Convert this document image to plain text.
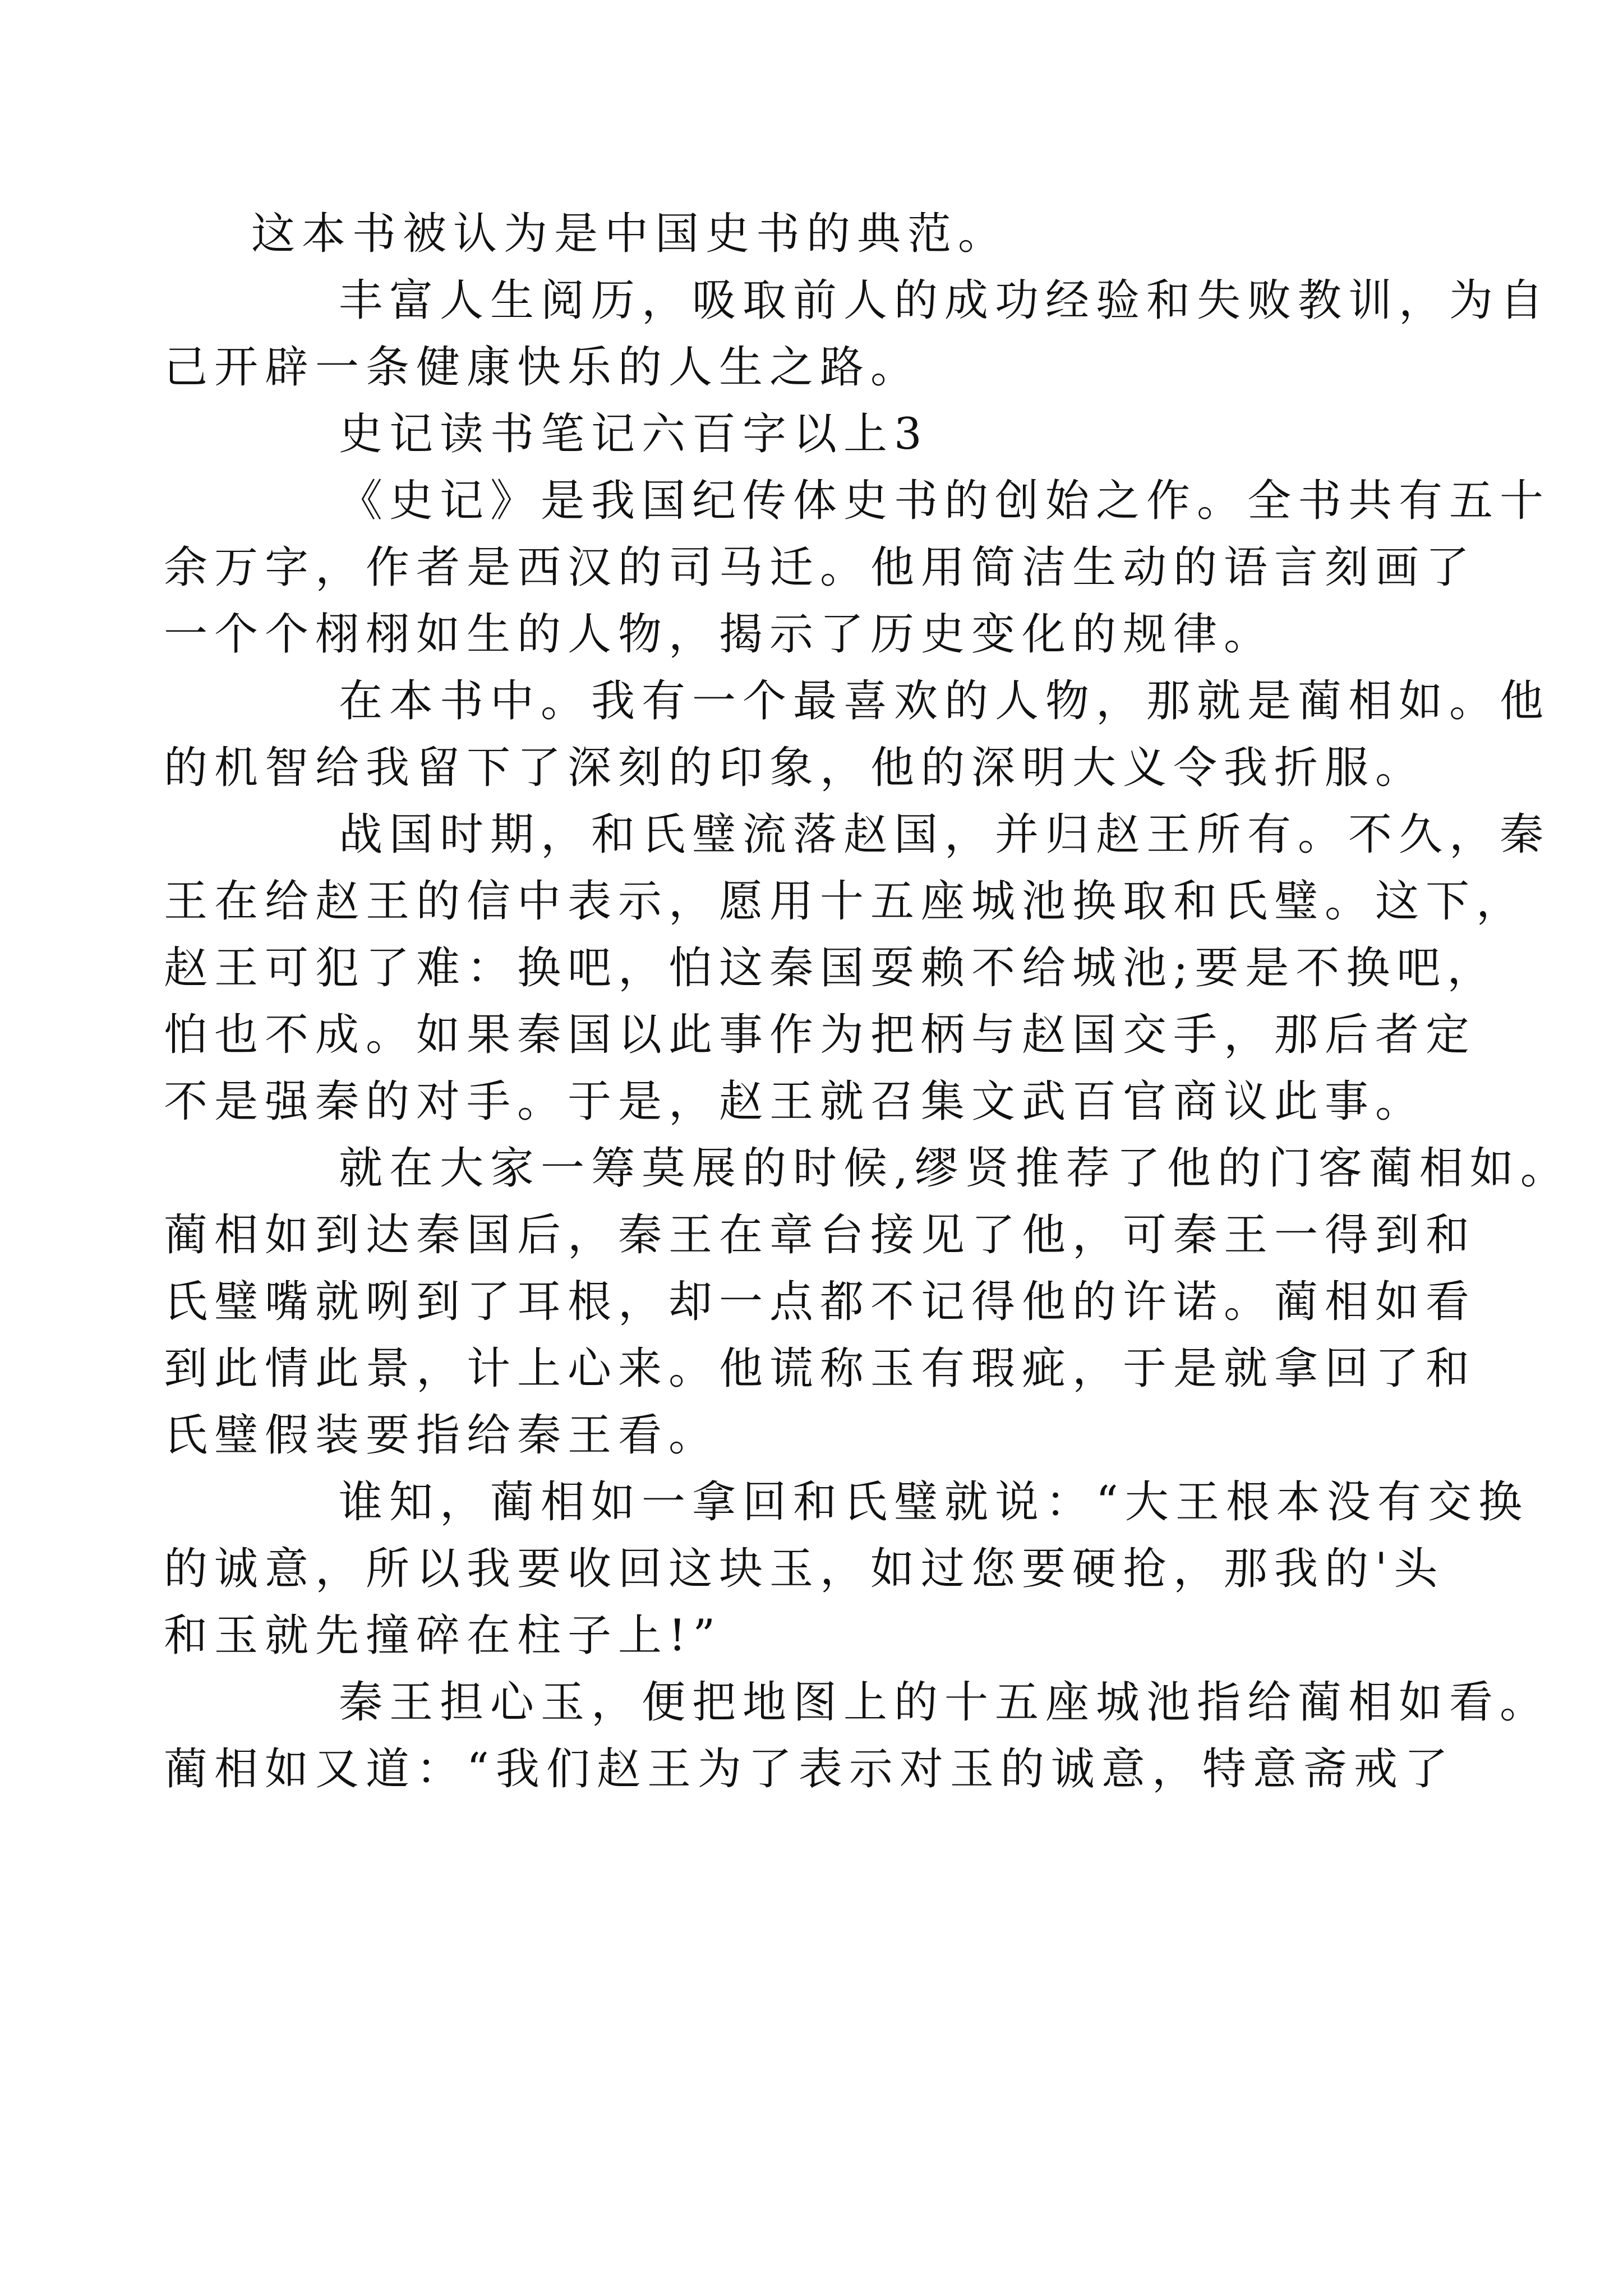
这本书被认为是中国史书的典范。

丰富人生阅历，吸取前人的成功经验和失败教训，为自
己开辟一条健康快乐的人生之路。

史记读书笔记六百字以上3

《史记》是我国纪传体史书的创始之作。全书共有五十
余万字，作者是西汉的司马迁。他用简洁生动的语言刻画了
一个个栩栩如生的人物，揭示了历史变化的规律。

在本书中。我有一个最喜欢的人物，那就是蔺相如。他
的机智给我留下了深刻的印象，他的深明大义令我折服。

战国时期，和氏璧流落赵国，并归赵王所有。不久，秦
王在给赵王的信中表示，愿用十五座城池换取和氏璧。这下，
赵王可犯了难：换吧，怕这秦国耍赖不给城池;要是不换吧，
怕也不成。如果秦国以此事作为把柄与赵国交手，那后者定
不是强秦的对手。于是，赵王就召集文武百官商议此事。

就在大家一筹莫展的时候,缪贤推荐了他的门客蔺相如。
蔺相如到达秦国后，秦王在章台接见了他，可秦王一得到和
氏璧嘴就咧到了耳根，却一点都不记得他的许诺。蔺相如看
到此情此景，计上心来。他谎称玉有瑕疵，于是就拿回了和
氏璧假装要指给秦王看。

谁知，蔺相如一拿回和氏璧就说：“大王根本没有交换
的诚意，所以我要收回这块玉，如过您要硬抢，那我的'头
和玉就先撞碎在柱子上!”

秦王担心玉，便把地图上的十五座城池指给蔺相如看。
蔺相如又道：“我们赵王为了表示对玉的诚意，特意斋戒了
